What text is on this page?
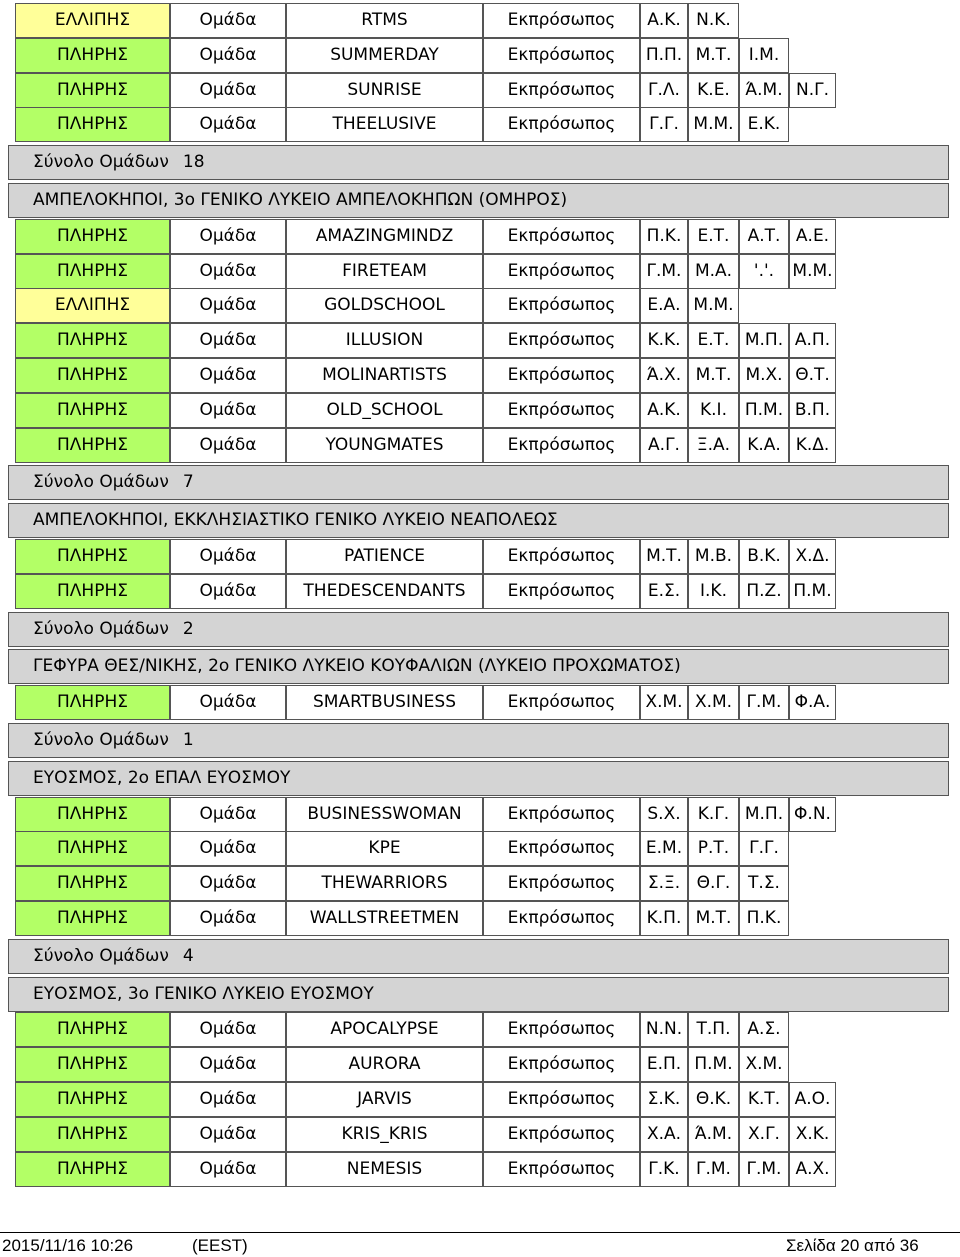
ΕΛΛΙΠΗΣ	Ομάδα	RTMS	Εκπρόσωπος	Α.Κ. Ν.Κ.
ΠΛΗΡΗΣ	Ομάδα	SUMMERDAY	Εκπρόσωπος	Π.Π. Μ.Τ.	Ι.Μ.
ΠΛΗΡΗΣ	Ομάδα	SUNRISE	Εκπρόσωπος	Γ.Λ.	Κ.Ε. Ά.Μ. Ν.Γ.
ΠΛΗΡΗΣ	Ομάδα	THEELUSIVE	Εκπρόσωπος	Γ.Γ. Μ.Μ. Ε.Κ.
Σύνολο Ομάδων 18
ΑΜΠΕΛΟΚΗΠΟΙ, 3ο ΓΕΝΙΚΟ ΛΥΚΕΙΟ ΑΜΠΕΛΟΚΗΠΩΝ (ΟΜΗΡΟΣ)
ΠΛΗΡΗΣ	Ομάδα	AMAZINGMINDZ	Εκπρόσωπος	Π.Κ. Ε.Τ.	Α.Τ. Α.Ε.
ΠΛΗΡΗΣ	Ομάδα	FIRETEAM	Εκπρόσωπος	Γ.Μ. Μ.Α.	'.'.	Μ.Μ.
ΕΛΛΙΠΗΣ	Ομάδα	GOLDSCHOOL	Εκπρόσωπος	Ε.Α. Μ.Μ.
ΠΛΗΡΗΣ	Ομάδα	ILLUSION	Εκπρόσωπος	Κ.Κ. Ε.Τ. Μ.Π. Α.Π.
ΠΛΗΡΗΣ	Ομάδα	MOLINARTISTS	Εκπρόσωπος	Ά.Χ. Μ.Τ. Μ.Χ. Θ.Τ.
ΠΛΗΡΗΣ	Ομάδα	OLD_SCHOOL	Εκπρόσωπος	Α.Κ.	Κ.Ι.	Π.Μ. Β.Π.
ΠΛΗΡΗΣ	Ομάδα	YOUNGMATES	Εκπρόσωπος	Α.Γ. Ξ.Α.	Κ.Α. Κ.Δ.
Σύνολο Ομάδων 7
ΑΜΠΕΛΟΚΗΠΟΙ, ΕΚΚΛΗΣΙΑΣΤΙΚΟ ΓΕΝΙΚΟ ΛΥΚΕΙΟ ΝΕΑΠΟΛΕΩΣ
ΠΛΗΡΗΣ	Ομάδα	PATIENCE	Εκπρόσωπος	Μ.Τ. Μ.Β. Β.Κ. Χ.Δ.
ΠΛΗΡΗΣ	Ομάδα	THEDESCENDANTS	Εκπρόσωπος	Ε.Σ.	Ι.Κ.	Π.Ζ. Π.Μ.
Σύνολο Ομάδων 2
ΓΕΦΥΡΑ ΘΕΣ/ΝΙΚΗΣ, 2ο ΓΕΝΙΚΟ ΛΥΚΕΙΟ ΚΟΥΦΑΛΙΩΝ (ΛΥΚΕΙΟ ΠΡΟΧΩΜΑΤΟΣ)
ΠΛΗΡΗΣ	Ομάδα	SMARTBUSINESS	Εκπρόσωπος	Χ.Μ. Χ.Μ. Γ.Μ. Φ.Α.
Σύνολο Ομάδων 1
ΕΥΟΣΜΟΣ, 2ο ΕΠΑΛ ΕΥΟΣΜΟΥ
ΠΛΗΡΗΣ	Ομάδα	BUSINESSWOMAN	Εκπρόσωπος	S.Χ.	Κ.Γ. Μ.Π. Φ.Ν.
ΠΛΗΡΗΣ	Ομάδα	KPE	Εκπρόσωπος	Ε.Μ. Ρ.Τ.	Γ.Γ.
ΠΛΗΡΗΣ	Ομάδα	THEWARRIORS	Εκπρόσωπος	Σ.Ξ. Θ.Γ.	Τ.Σ.
ΠΛΗΡΗΣ	Ομάδα	WALLSTREETMEN	Εκπρόσωπος	Κ.Π. Μ.Τ. Π.Κ.
Σύνολο Ομάδων 4
ΕΥΟΣΜΟΣ, 3ο ΓΕΝΙΚΟ ΛΥΚΕΙΟ ΕΥΟΣΜΟΥ
ΠΛΗΡΗΣ	Ομάδα	APOCALYPSE	Εκπρόσωπος	Ν.Ν. Τ.Π. Α.Σ.
ΠΛΗΡΗΣ	Ομάδα	AURORA	Εκπρόσωπος	Ε.Π. Π.Μ. Χ.Μ.
ΠΛΗΡΗΣ	Ομάδα	JARVIS	Εκπρόσωπος	Σ.Κ. Θ.Κ. Κ.Τ. Α.Ο.
ΠΛΗΡΗΣ	Ομάδα	KRIS_KRIS	Εκπρόσωπος	Χ.Α. Ά.Μ. Χ.Γ. Χ.Κ.
ΠΛΗΡΗΣ	Ομάδα	NEMESIS	Εκπρόσωπος	Γ.Κ. Γ.Μ. Γ.Μ. Α.Χ.
2015/11/16 10:26	(EEST)	Σελίδα 20 από 36
